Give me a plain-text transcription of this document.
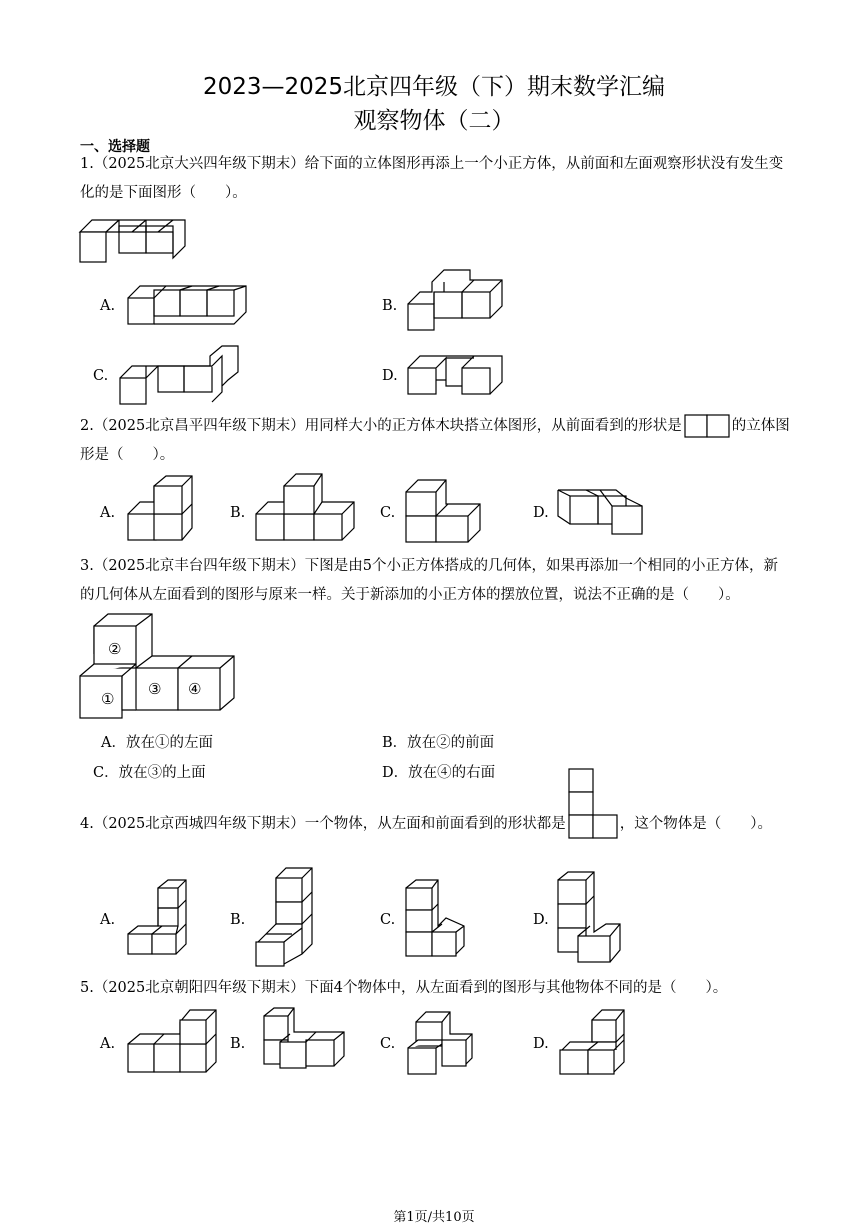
2023—2025北京四年级（下）期末数学汇编
观察物体（二）
一、选择题
1.（2025北京大兴四年级下期末）给下面的立体图形再添上一个小正方体，从前面和左面观察形状没有发生变化的是下面图形（　　）。
A.	B.
C.	D.
2.（2025北京昌平四年级下期末）用同样大小的正方体木块搭立体图形，从前面看到的形状是	的立体图形是（　　）。
A.	B.	C.	D.
3.（2025北京丰台四年级下期末）下图是由5个小正方体搭成的几何体，如果再添加一个相同的小正方体，新的几何体从左面看到的图形与原来一样。关于新添加的小正方体的摆放位置，说法不正确的是（　　）。
①
②
③ ④
A．放在①的左面	B．放在②的前面
C．放在③的上面	D．放在④的右面
4.（2025北京西城四年级下期末）一个物体，从左面和前面看到的形状都是	，这个物体是（　　）。
A.	B.	C.	D.
5.（2025北京朝阳四年级下期末）下面4个物体中，从左面看到的图形与其他物体不同的是（　　）。
A.	B.	C.	D.
第1页/共10页
